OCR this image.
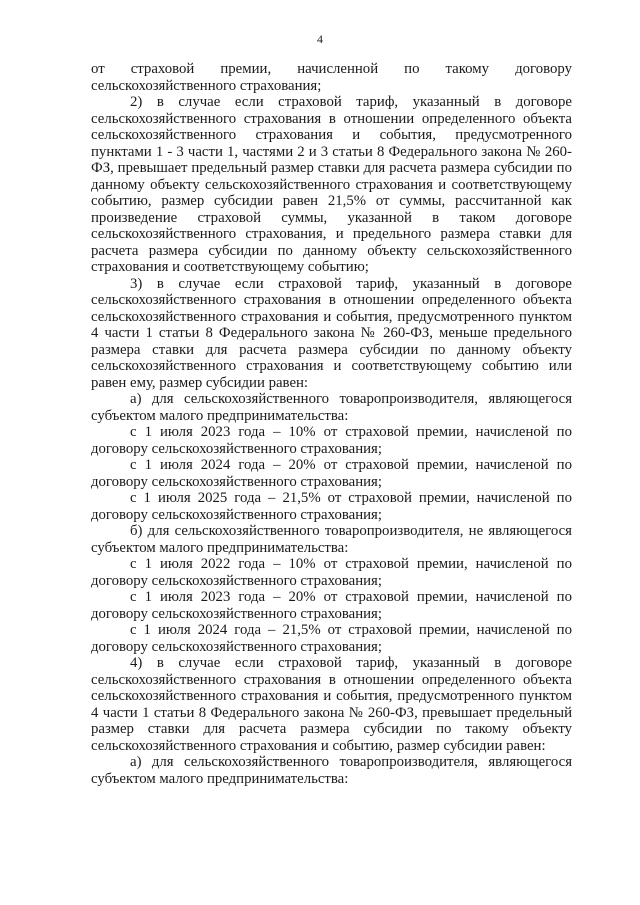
4

от страховой премии, начисленной по такому договору сельскохозяйственного страхования;

2) в случае если страховой тариф, указанный в договоре сельскохозяйственного страхования в отношении определенного объекта сельскохозяйственного страхования и события, предусмотренного пунктами 1 - 3 части 1, частями 2 и 3 статьи 8 Федерального закона № 260-ФЗ, превышает предельный размер ставки для расчета размера субсидии по данному объекту сельскохозяйственного страхования и соответствующему событию, размер субсидии равен 21,5% от суммы, рассчитанной как произведение страховой суммы, указанной в таком договоре сельскохозяйственного страхования, и предельного размера ставки для расчета размера субсидии по данному объекту сельскохозяйственного страхования и соответствующему событию;

3) в случае если страховой тариф, указанный в договоре сельскохозяйственного страхования в отношении определенного объекта сельскохозяйственного страхования и события, предусмотренного пунктом 4 части 1 статьи 8 Федерального закона № 260-ФЗ, меньше предельного размера ставки для расчета размера субсидии по данному объекту сельскохозяйственного страхования и соответствующему событию или равен ему, размер субсидии равен:

а) для сельскохозяйственного товаропроизводителя, являющегося субъектом малого предпринимательства:

с 1 июля 2023 года – 10% от страховой премии, начисленой по договору сельскохозяйственного страхования;

с 1 июля 2024 года – 20% от страховой премии, начисленой по договору сельскохозяйственного страхования;

с 1 июля 2025 года – 21,5% от страховой премии, начисленой по договору сельскохозяйственного страхования;

б) для сельскохозяйственного товаропроизводителя, не являющегося субъектом малого предпринимательства:

с 1 июля 2022 года – 10% от страховой премии, начисленой по договору сельскохозяйственного страхования;

с 1 июля 2023 года – 20% от страховой премии, начисленой по договору сельскохозяйственного страхования;

с 1 июля 2024 года – 21,5% от страховой премии, начисленой по договору сельскохозяйственного страхования;

4) в случае если страховой тариф, указанный в договоре сельскохозяйственного страхования в отношении определенного объекта сельскохозяйственного страхования и события, предусмотренного пунктом 4 части 1 статьи 8 Федерального закона № 260-ФЗ, превышает предельный размер ставки для расчета размера субсидии по такому объекту сельскохозяйственного страхования и событию, размер субсидии равен:

а) для сельскохозяйственного товаропроизводителя, являющегося субъектом малого предпринимательства:
